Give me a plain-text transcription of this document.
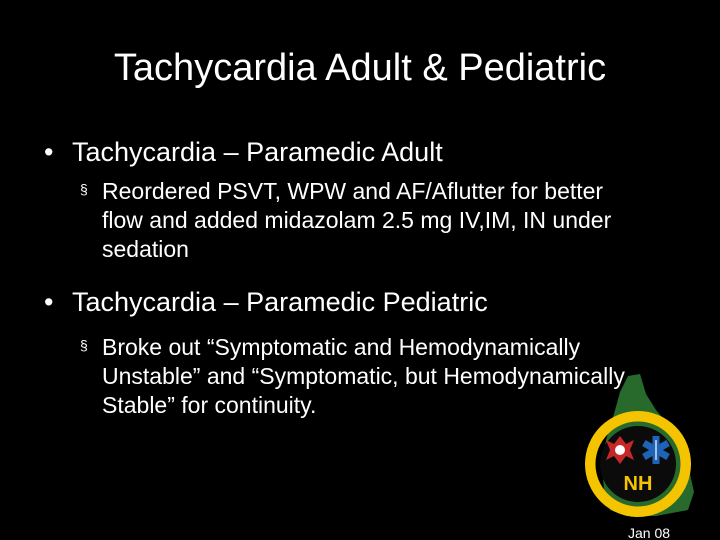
Tachycardia Adult & Pediatric
• Tachycardia – Paramedic Adult
§ Reordered PSVT, WPW and AF/Aflutter for better flow and added midazolam 2.5 mg IV,IM, IN under sedation
• Tachycardia – Paramedic Pediatric
§ Broke out “Symptomatic and Hemodynamically Unstable” and “Symptomatic, but Hemodynamically Stable” for continuity.
NH
Jan 08
